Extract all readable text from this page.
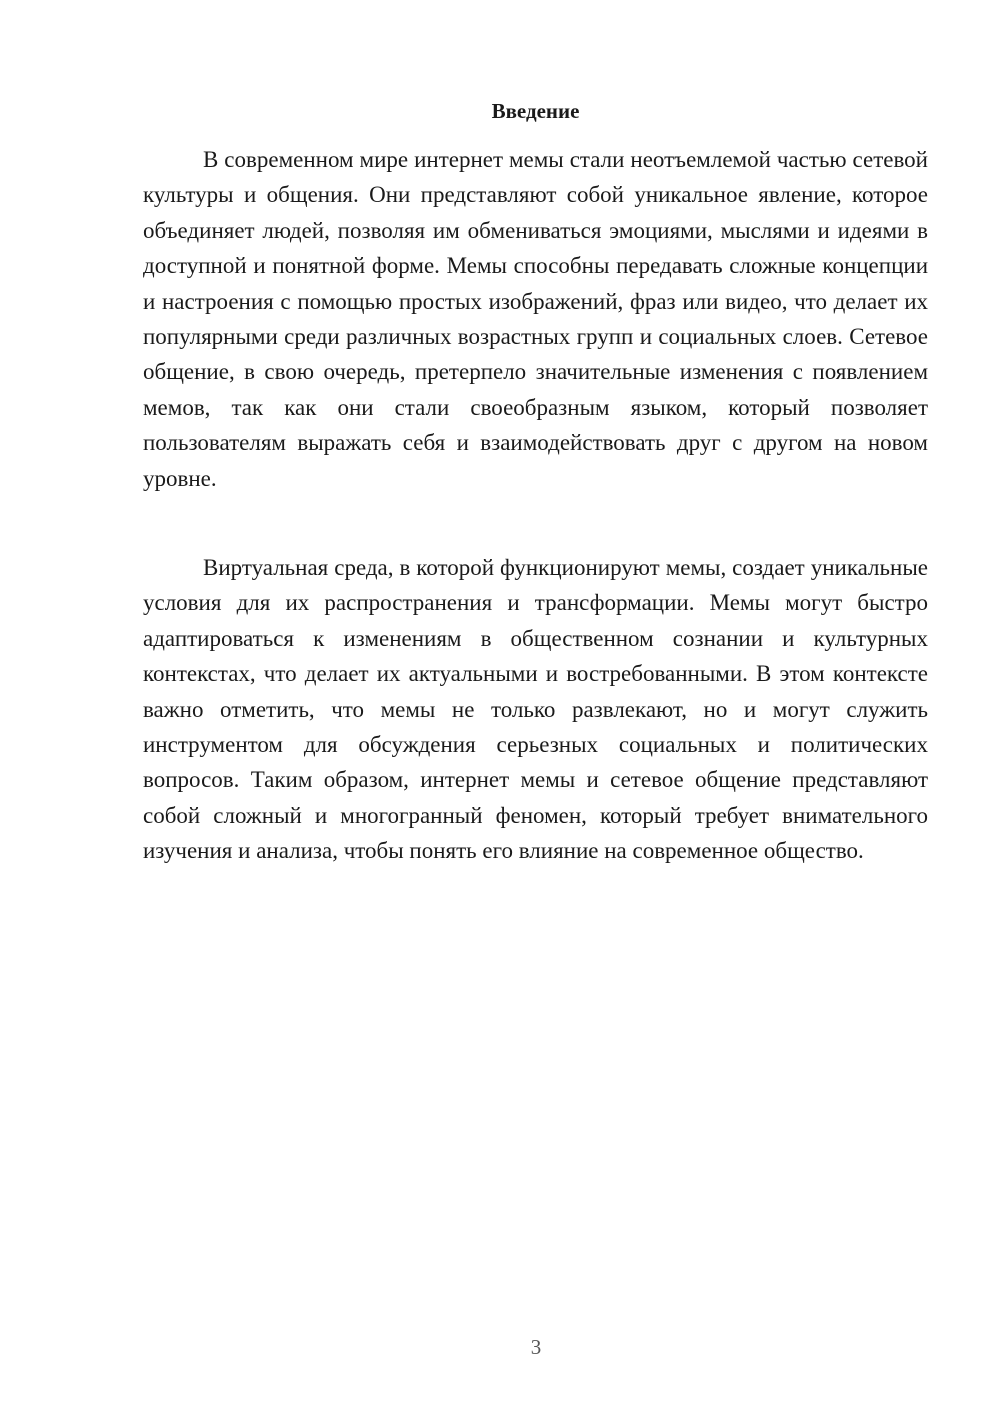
Введение

В современном мире интернет мемы стали неотъемлемой частью сетевой культуры и общения. Они представляют собой уникальное явление, которое объединяет людей, позволяя им обмениваться эмоциями, мыслями и идеями в доступной и понятной форме. Мемы способны передавать сложные концепции и настроения с помощью простых изображений, фраз или видео, что делает их популярными среди различных возрастных групп и социальных слоев. Сетевое общение, в свою очередь, претерпело значительные изменения с появлением мемов, так как они стали своеобразным языком, который позволяет пользователям выражать себя и взаимодействовать друг с другом на новом уровне.

Виртуальная среда, в которой функционируют мемы, создает уникальные условия для их распространения и трансформации. Мемы могут быстро адаптироваться к изменениям в общественном сознании и культурных контекстах, что делает их актуальными и востребованными. В этом контексте важно отметить, что мемы не только развлекают, но и могут служить инструментом для обсуждения серьезных социальных и политических вопросов. Таким образом, интернет мемы и сетевое общение представляют собой сложный и многогранный феномен, который требует внимательного изучения и анализа, чтобы понять его влияние на современное общество.

3
